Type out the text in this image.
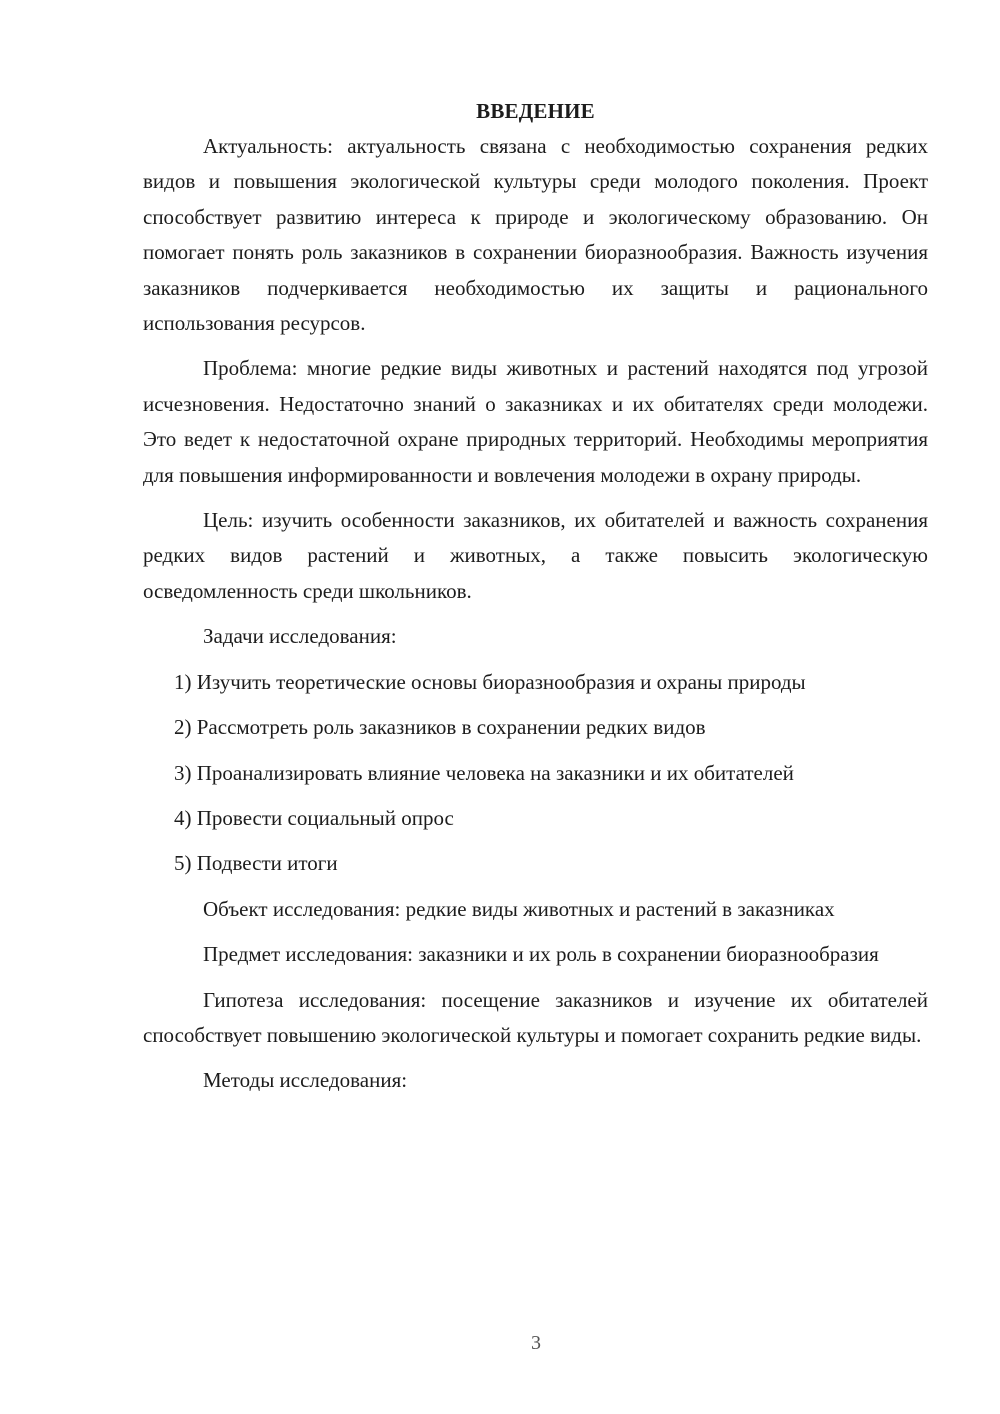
ВВЕДЕНИЕ

Актуальность: актуальность связана с необходимостью сохранения редких видов и повышения экологической культуры среди молодого поколения. Проект способствует развитию интереса к природе и экологическому образованию. Он помогает понять роль заказников в сохранении биоразнообразия. Важность изучения заказников подчеркивается необходимостью их защиты и рационального использования ресурсов.

Проблема: многие редкие виды животных и растений находятся под угрозой исчезновения. Недостаточно знаний о заказниках и их обитателях среди молодежи. Это ведет к недостаточной охране природных территорий. Необходимы мероприятия для повышения информированности и вовлечения молодежи в охрану природы.

Цель: изучить особенности заказников, их обитателей и важность сохранения редких видов растений и животных, а также повысить экологическую осведомленность среди школьников.

Задачи исследования:

1) Изучить теоретические основы биоразнообразия и охраны природы
2) Рассмотреть роль заказников в сохранении редких видов
3) Проанализировать влияние человека на заказники и их обитателей
4) Провести социальный опрос
5) Подвести итоги

Объект исследования: редкие виды животных и растений в заказниках

Предмет исследования: заказники и их роль в сохранении биоразнообразия

Гипотеза исследования: посещение заказников и изучение их обитателей способствует повышению экологической культуры и помогает сохранить редкие виды.

Методы исследования:

3
